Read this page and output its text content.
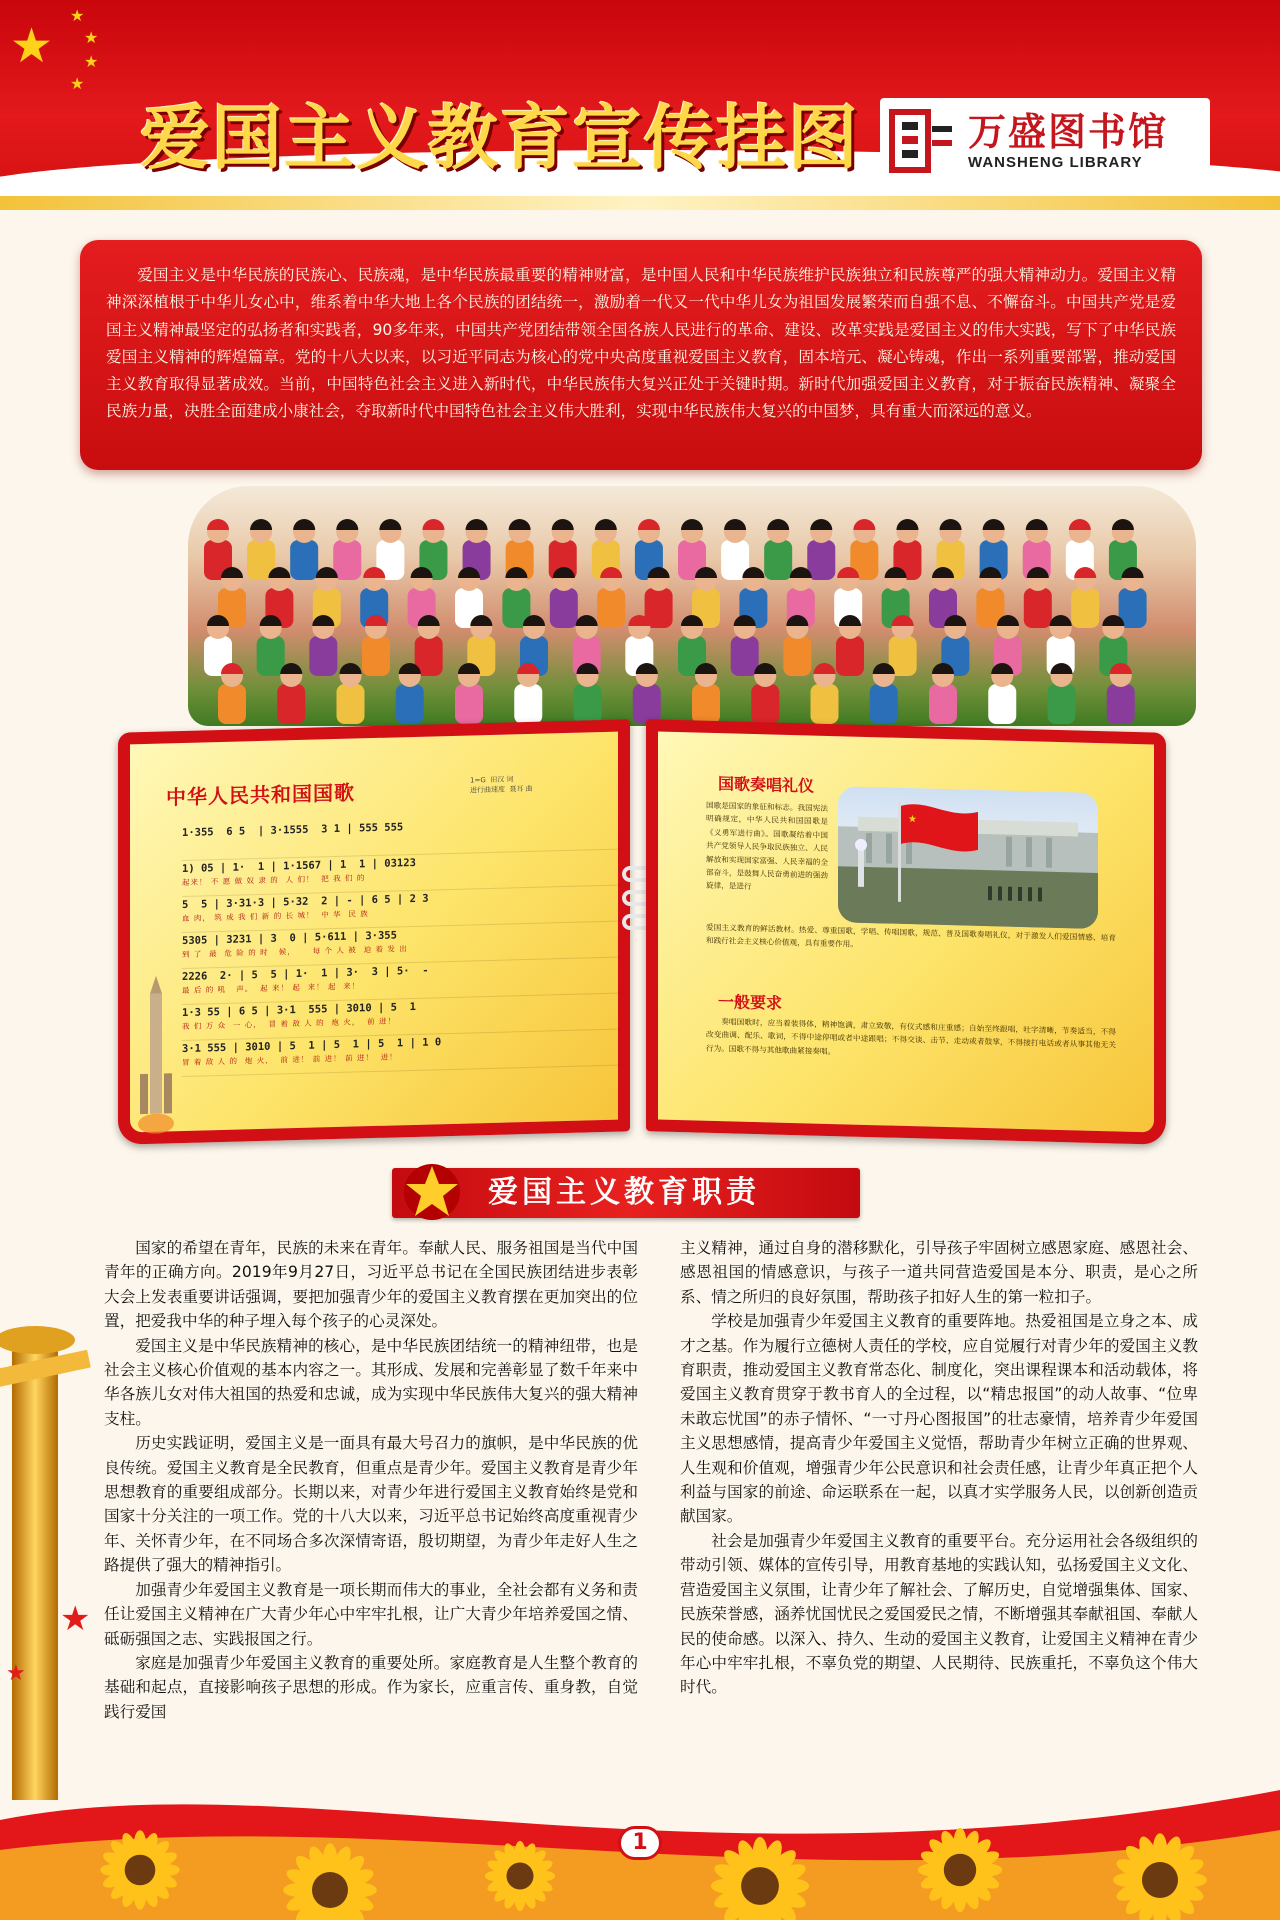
★
★
★
★
★
爱国主义教育宣传挂图	万盛图书馆
WANSHENG LIBRARY

爱国主义是中华民族的民族心、民族魂，是中华民族最重要的精神财富，是中国人民和中华民族维护民族独立和民族尊严的强大精神动力。爱国主义精神深深植根于中华儿女心中，维系着中华大地上各个民族的团结统一，激励着一代又一代中华儿女为祖国发展繁荣而自强不息、不懈奋斗。中国共产党是爱国主义精神最坚定的弘扬者和实践者，90多年来，中国共产党团结带领全国各族人民进行的革命、建设、改革实践是爱国主义的伟大实践，写下了中华民族爱国主义精神的辉煌篇章。党的十八大以来，以习近平同志为核心的党中央高度重视爱国主义教育，固本培元、凝心铸魂，作出一系列重要部署，推动爱国主义教育取得显著成效。当前，中国特色社会主义进入新时代，中华民族伟大复兴正处于关键时期。新时代加强爱国主义教育，对于振奋民族精神、凝聚全民族力量，决胜全面建成小康社会，夺取新时代中国特色社会主义伟大胜利，实现中华民族伟大复兴的中国梦，具有重大而深远的意义。

中华人民共和国国歌
1=G  田汉 词
进行曲速度  聂耳 曲
1·355  6 5  | 3·1555  3 1 | 555 555
1) 05 | 1·  1 | 1·1567 | 1  1 | 03123
起来！ 不 愿 做 奴 隶 的  人 们！  把 我 们 的
5  5 | 3·31·3 | 5·32  2 | - | 6 5 | 2 3
血 肉， 筑 成 我 们 新 的 长 城！  中 华  民 族
5305 | 3231 | 3  0 | 5·611 | 3·355
到 了  最  危 险 的 时   候，     每 个 人 被  迫 着 发 出
2226  2· | 5  5 | 1·  1 | 3·  3 | 5·  -
最 后 的 吼   声。  起 来！ 起  来！ 起  来！
1·3 55 | 6 5 | 3·1  555 | 3010 | 5  1
我 们 万 众  一 心，  冒 着 敌 人 的  炮 火，  前 进！
3·1 555 | 3010 | 5  1 | 5  1 | 5  1 | 1 0
冒 着 敌 人 的  炮 火，  前 进！ 前 进！ 前 进！  进！
国歌奏唱礼仪
国歌是国家的象征和标志。我国宪法明确规定，中华人民共和国国歌是《义勇军进行曲》。国歌凝结着中国共产党领导人民争取民族独立、人民解放和实现国家富强、人民幸福的全部奋斗，是鼓舞人民奋勇前进的强劲旋律，是进行
★
爱国主义教育的鲜活教材。热爱、尊重国歌，学唱、传唱国歌，规范、普及国歌奏唱礼仪，对于激发人们爱国情感、培育和践行社会主义核心价值观，具有重要作用。
一般要求
奏唱国歌时，应当着装得体，精神饱满，肃立致敬，有仪式感和庄重感；自始至终跟唱，吐字清晰，节奏适当，不得改变曲调、配乐、歌词，不得中途停唱或者中途跟唱；不得交谈、击节、走动或者鼓掌，不得接打电话或者从事其他无关行为。国歌不得与其他歌曲紧接奏唱。
爱国主义教育职责
★
★

国家的希望在青年，民族的未来在青年。奉献人民、服务祖国是当代中国青年的正确方向。2019年9月27日，习近平总书记在全国民族团结进步表彰大会上发表重要讲话强调，要把加强青少年的爱国主义教育摆在更加突出的位置，把爱我中华的种子埋入每个孩子的心灵深处。

爱国主义是中华民族精神的核心，是中华民族团结统一的精神纽带，也是社会主义核心价值观的基本内容之一。其形成、发展和完善彰显了数千年来中华各族儿女对伟大祖国的热爱和忠诚，成为实现中华民族伟大复兴的强大精神支柱。

历史实践证明，爱国主义是一面具有最大号召力的旗帜，是中华民族的优良传统。爱国主义教育是全民教育，但重点是青少年。爱国主义教育是青少年思想教育的重要组成部分。长期以来，对青少年进行爱国主义教育始终是党和国家十分关注的一项工作。党的十八大以来，习近平总书记始终高度重视青少年、关怀青少年，在不同场合多次深情寄语，殷切期望，为青少年走好人生之路提供了强大的精神指引。

加强青少年爱国主义教育是一项长期而伟大的事业，全社会都有义务和责任让爱国主义精神在广大青少年心中牢牢扎根，让广大青少年培养爱国之情、砥砺强国之志、实践报国之行。

家庭是加强青少年爱国主义教育的重要处所。家庭教育是人生整个教育的基础和起点，直接影响孩子思想的形成。作为家长，应重言传、重身教，自觉践行爱国

主义精神，通过自身的潜移默化，引导孩子牢固树立感恩家庭、感恩社会、感恩祖国的情感意识，与孩子一道共同营造爱国是本分、职责，是心之所系、情之所归的良好氛围，帮助孩子扣好人生的第一粒扣子。

学校是加强青少年爱国主义教育的重要阵地。热爱祖国是立身之本、成才之基。作为履行立德树人责任的学校，应自觉履行对青少年的爱国主义教育职责，推动爱国主义教育常态化、制度化，突出课程课本和活动载体，将爱国主义教育贯穿于教书育人的全过程，以“精忠报国”的动人故事、“位卑未敢忘忧国”的赤子情怀、“一寸丹心图报国”的壮志豪情，培养青少年爱国主义思想感情，提高青少年爱国主义觉悟，帮助青少年树立正确的世界观、人生观和价值观，增强青少年公民意识和社会责任感，让青少年真正把个人利益与国家的前途、命运联系在一起，以真才实学服务人民，以创新创造贡献国家。

社会是加强青少年爱国主义教育的重要平台。充分运用社会各级组织的带动引领、媒体的宣传引导，用教育基地的实践认知，弘扬爱国主义文化、营造爱国主义氛围，让青少年了解社会、了解历史，自觉增强集体、国家、民族荣誉感，涵养忧国忧民之爱国爱民之情，不断增强其奉献祖国、奉献人民的使命感。以深入、持久、生动的爱国主义教育，让爱国主义精神在青少年心中牢牢扎根，不辜负党的期望、人民期待、民族重托，不辜负这个伟大时代。

1
